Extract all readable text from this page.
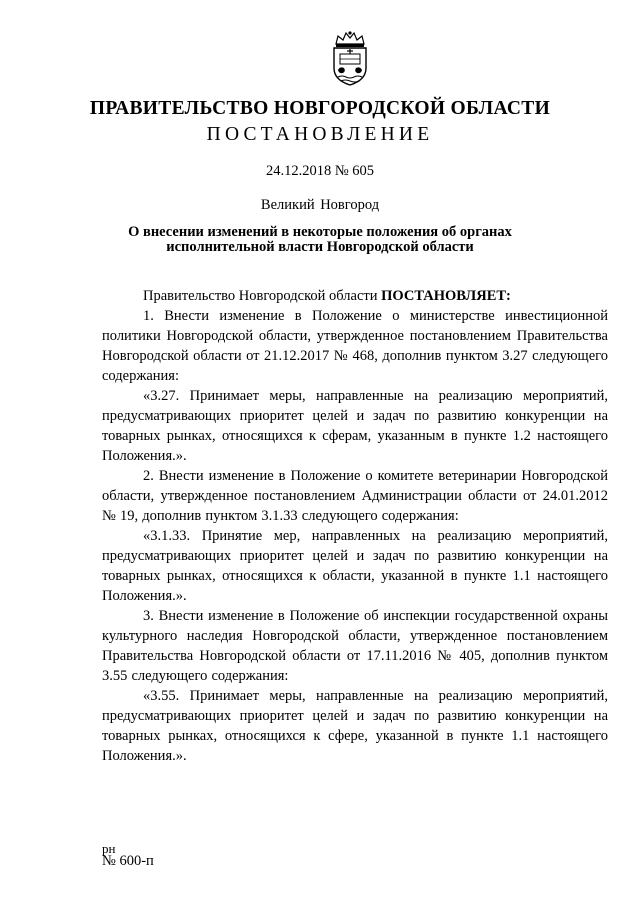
ПРАВИТЕЛЬСТВО НОВГОРОДСКОЙ ОБЛАСТИ
ПОСТАНОВЛЕНИЕ
24.12.2018 № 605
Великий Новгород
О внесении изменений в некоторые положения об органах
исполнительной власти Новгородской области

Правительство Новгородской области ПОСТАНОВЛЯЕТ:

1. Внести изменение в Положение о министерстве инвестиционной политики Новгородской области, утвержденное постановлением Правительства Новгородской области от 21.12.2017 № 468, дополнив пунктом 3.27 следующего содержания:

«3.27. Принимает меры, направленные на реализацию мероприятий, предусматривающих приоритет целей и задач по развитию конкуренции на товарных рынках, относящихся к сферам, указанным в пункте 1.2 настоящего Положения.».

2. Внести изменение в Положение о комитете ветеринарии Новгородской области, утвержденное постановлением Администрации области от 24.01.2012 № 19, дополнив пунктом 3.1.33 следующего содержания:

«3.1.33. Принятие мер, направленных на реализацию мероприятий, предусматривающих приоритет целей и задач по развитию конкуренции на товарных рынках, относящихся к области, указанной в пункте 1.1 настоящего Положения.».

3. Внести изменение в Положение об инспекции государственной охраны культурного наследия Новгородской области, утвержденное постановлением Правительства Новгородской области от 17.11.2016 № 405, дополнив пунктом 3.55 следующего содержания:

«3.55. Принимает меры, направленные на реализацию мероприятий, предусматривающих приоритет целей и задач по развитию конкуренции на товарных рынках, относящихся к сфере, указанной в пункте 1.1 настоящего Положения.».

рн
№ 600-п
